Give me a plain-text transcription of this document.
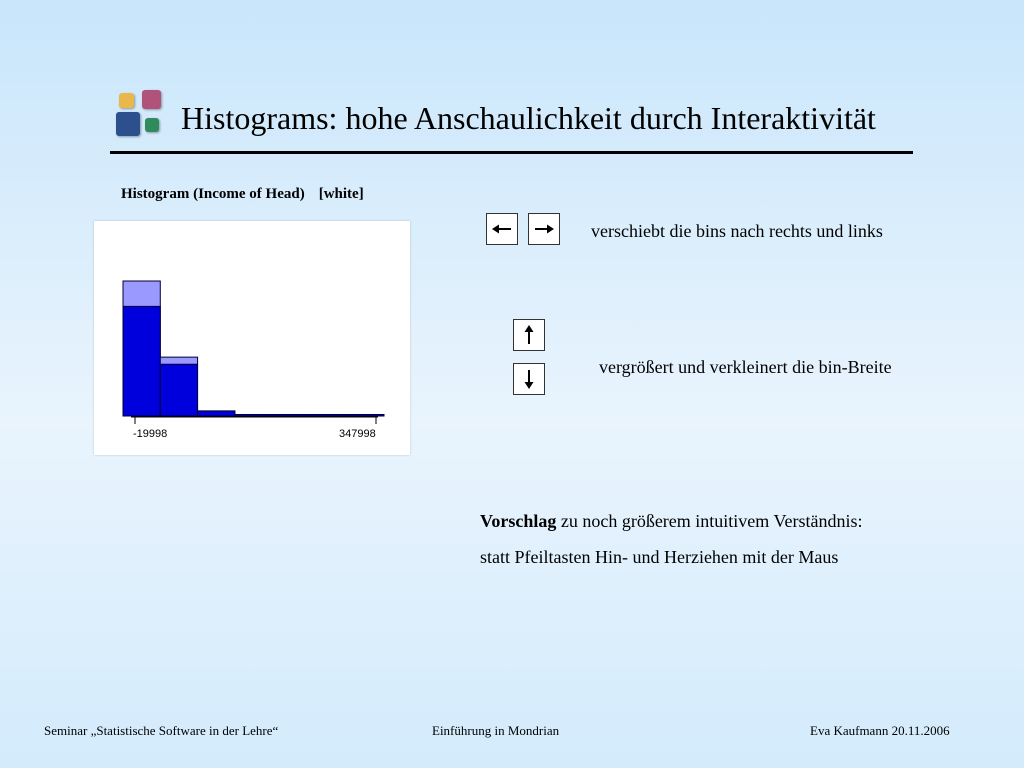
Histograms: hohe Anschaulichkeit durch Interaktivität
Histogram (Income of Head) [white]
-19998	347998
verschiebt die bins nach rechts und links
vergrößert und verkleinert die bin-Breite
Vorschlag zu noch größerem intuitivem Verständnis:
statt Pfeiltasten Hin- und Herziehen mit der Maus
Seminar „Statistische Software in der Lehre“	Einführung in Mondrian	Eva Kaufmann 20.11.2006
